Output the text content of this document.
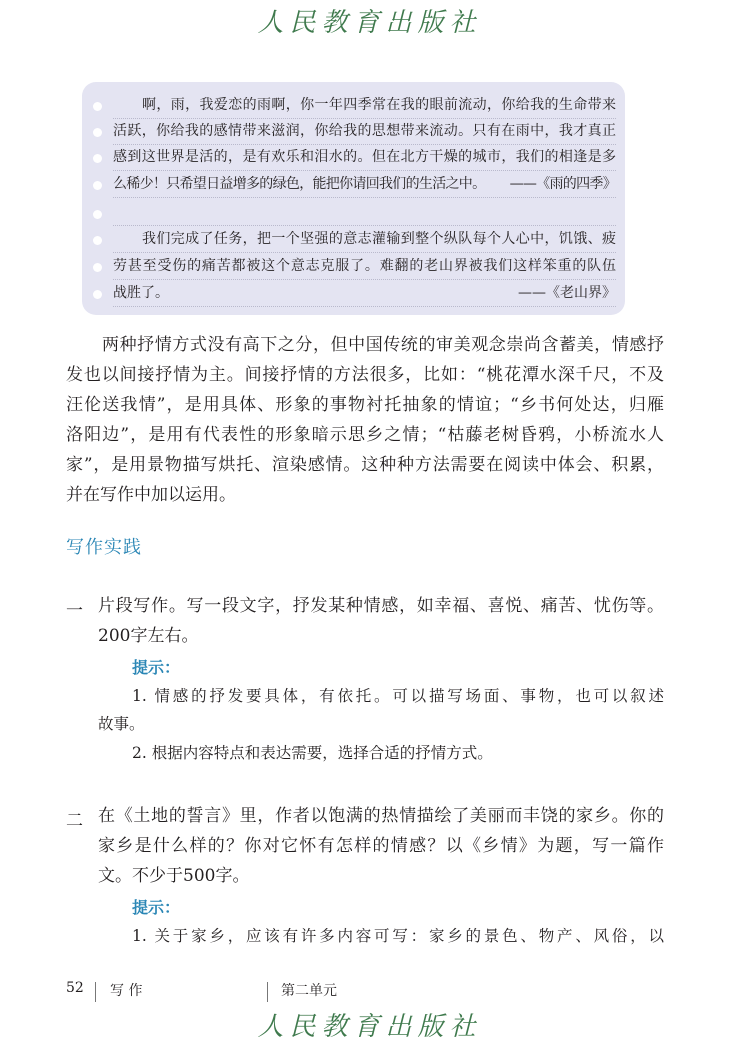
人民教育出版社
啊，雨，我爱恋的雨啊，你一年四季常在我的眼前流动，你给我的生命带来
活跃，你给我的感情带来滋润，你给我的思想带来流动。只有在雨中，我才真正
感到这世界是活的，是有欢乐和泪水的。但在北方干燥的城市，我们的相逢是多
么稀少！只希望日益增多的绿色，能把你请回我们的生活之中。 ——《雨的四季》
我们完成了任务，把一个坚强的意志灌输到整个纵队每个人心中，饥饿、疲
劳甚至受伤的痛苦都被这个意志克服了。难翻的老山界被我们这样笨重的队伍
战胜了。	——《老山界》
两种抒情方式没有高下之分，但中国传统的审美观念崇尚含蓄美，情感抒
发也以间接抒情为主。间接抒情的方法很多，比如：“桃花潭水深千尺，不及
汪伦送我情”，是用具体、形象的事物衬托抽象的情谊；“乡书何处达，归雁
洛阳边”，是用有代表性的形象暗示思乡之情；“枯藤老树昏鸦，小桥流水人
家”，是用景物描写烘托、渲染感情。这种种方法需要在阅读中体会、积累，
并在写作中加以运用。
写作实践
一 片段写作。写一段文字，抒发某种情感，如幸福、喜悦、痛苦、忧伤等。
200字左右。
提示：
1. 情感的抒发要具体，有依托。可以描写场面、事物，也可以叙述
故事。
2. 根据内容特点和表达需要，选择合适的抒情方式。
二 在《土地的誓言》里，作者以饱满的热情描绘了美丽而丰饶的家乡。你的
家乡是什么样的？你对它怀有怎样的情感？以《乡情》为题，写一篇作
文。不少于500字。
提示：
1. 关于家乡，应该有许多内容可写：家乡的景色、物产、风俗，以
52 写 作	第二单元
人民教育出版社
